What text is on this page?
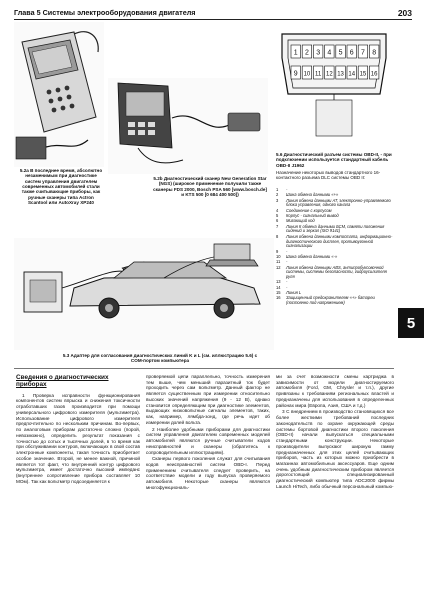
Глава 5 Системы электрооборудования двигателя	203
5.2a В последнее время, абсолютно незаменимым при диагностике систем управления двигателем современных автомобилей стали также считывающие приборы, как ручные сканеры типа Actron Scantool или AutoXray XP240
5.2b Диагностический сканер New Generation Star (NGS) (широкое применение получили также сканеры FDS 2000, Bosch PSA 560 [www.bosch.de] и KTS 500 [0 684 400 500])
1 2 3 4 5 6 7 8
9 10 11 12 13 14 15 16
5.6 Диагностический разъем системы OBD-II, - при подключении используется стандартный кабель OBD-II J1962
Назначение некоторых выводов стандартного 16-контактного разъема DLC системы OBD II:
1	-
2	Шина обмена данными «+»
3	Линия обмена данными АТ, электронно-управляемого блока управления, одного канала
4	Соединение с корпусом
5	Корпус - сигнальный вывод
6	Мигающий код
7	Линия К обмена данными БСМ, памяти положения сидений и зеркал (ISO 9141)
8	Линия обмена данными компостата, информационно-диагностического дисплея, противоугонной сигнализации
9	-
10	Шина обмена данными «-»
11	-
12	Линия обмена данными ABS, антипробуксовочной системы, системы безопасности, гидроусилителя руля
13	-
14	-
15	Линия L
16	Защищенный предохранителем «+» батареи (постоянно под напряжением)
5.3 Адаптер для согласования диагностических линий K и L (см. иллюстрацию 5.6) с COM-портом компьютера
5
Сведения о диагностических приборах

1 Проверка исправности функционирования компонентов систем впрыска и снижения токсичности отработавших газов производится при помощи универсального цифрового измерителя (мультиметра). Использование цифрового измерителя предпочтительно по нескольким причинам. Во-первых, по аналоговым приборам достаточно сложно (порой, невозможно), определить результат показания с точностью до сотых и тысячных долей, в то время как при обслуживании контуров, включающих в свой состав электронные компоненты, такая точность приобретает особое значение. Второй, не менее важной, причиной является тот факт, что внутренний контур цифрового мультиметра, имеет достаточно высокий импеданс (внутреннее сопротивление прибора составляет 10 МОм). Так как вольтметр подсоединяется к

проверяемой цепи параллельно, точность измерения тем выше, чем меньший паразитный ток будет проходить через сам вольтметр. Данный фактор не является существенным при измерении относительно высоких значений напряжения (9 - 12 В), однако становится определяющим при диагностике элементов, выдающих низковольтные сигналы элементов, таких, как, например, лямбда-зонд, где речь идет об измерении долей вольта.

2 Наиболее удобными приборами для диагностики систем управления двигателем современных моделей автомобилей являются ручные считыватели кодов неисправностей и сканеры (обратитесь к сопроводительным иллюстрациям).

Сканеры первого поколения служат для считывания кодов неисправностей систем OBD-I. Перед применением считывателя следует проверить, на соответствие модели и году выпуска проверяемого автомобиля. Некоторые сканеры являются многофункциональ-

ми за счет возможности смены картриджа в зависимости от модели диагностируемого автомобиля (Ford, GM, Chrysler и т.п.), другие привязаны к требованиям региональных властей и предназначены для использования в определенных районах мира (Европа, Азия, США и т.д.)

3 С внедрением в производство становящихся все более жесткими требований последних законодательств по охране окружающей среды системы бортовой диагностики второго поколения (OBD-II) начали выпускаться специальными стандартными конструкции. Некоторые производители выпускают широкую гамму предназначенных для этих целей считывающих приборов, часть из которых можно приобрести в магазинах автомобильных аксессуаров. Еще одним очень удобным диагностическим прибором является дорогостоящий специализированный диагностический компьютер типа ADC2000 фирмы Launch HiTech, либо обычный персональный компью-
